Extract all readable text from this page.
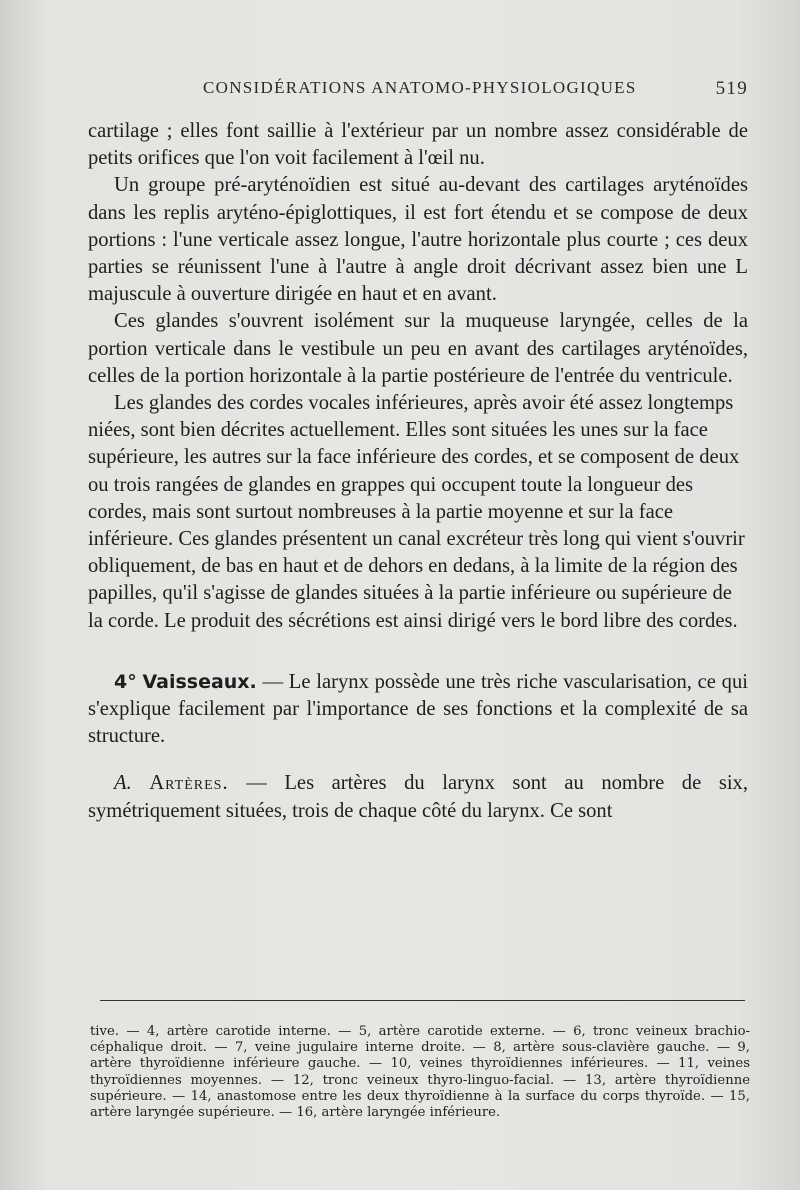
CONSIDÉRATIONS ANATOMO-PHYSIOLOGIQUES	519

cartilage ; elles font saillie à l'extérieur par un nombre assez considérable de petits orifices que l'on voit facilement à l'œil nu.

Un groupe pré-aryténoïdien est situé au-devant des cartilages aryténoïdes dans les replis aryténo-épiglottiques, il est fort étendu et se compose de deux portions : l'une verticale assez longue, l'autre horizontale plus courte ; ces deux parties se réunissent l'une à l'autre à angle droit décrivant assez bien une L majuscule à ouverture dirigée en haut et en avant.

Ces glandes s'ouvrent isolément sur la muqueuse laryngée, celles de la portion verticale dans le vestibule un peu en avant des cartilages aryténoïdes, celles de la portion horizontale à la partie postérieure de l'entrée du ventricule.

Les glandes des cordes vocales inférieures, après avoir été assez longtemps niées, sont bien décrites actuellement. Elles sont situées les unes sur la face supérieure, les autres sur la face inférieure des cordes, et se composent de deux ou trois rangées de glandes en grappes qui occupent toute la longueur des cordes, mais sont surtout nombreuses à la partie moyenne et sur la face inférieure. Ces glandes présentent un canal excréteur très long qui vient s'ouvrir obliquement, de bas en haut et de dehors en dedans, à la limite de la région des papilles, qu'il s'agisse de glandes situées à la partie inférieure ou supérieure de la corde. Le produit des sécrétions est ainsi dirigé vers le bord libre des cordes.

4° Vaisseaux. — Le larynx possède une très riche vascularisation, ce qui s'explique facilement par l'importance de ses fonctions et la complexité de sa structure.

A. Artères. — Les artères du larynx sont au nombre de six, symétriquement situées, trois de chaque côté du larynx. Ce sont

tive. — 4, artère carotide interne. — 5, artère carotide externe. — 6, tronc veineux brachio-céphalique droit. — 7, veine jugulaire interne droite. — 8, artère sous-clavière gauche. — 9, artère thyroïdienne inférieure gauche. — 10, veines thyroïdiennes inférieures. — 11, veines thyroïdiennes moyennes. — 12, tronc veineux thyro-linguo-facial. — 13, artère thyroïdienne supérieure. — 14, anastomose entre les deux thyroïdienne à la surface du corps thyroïde. — 15, artère laryngée supérieure. — 16, artère laryngée inférieure.
